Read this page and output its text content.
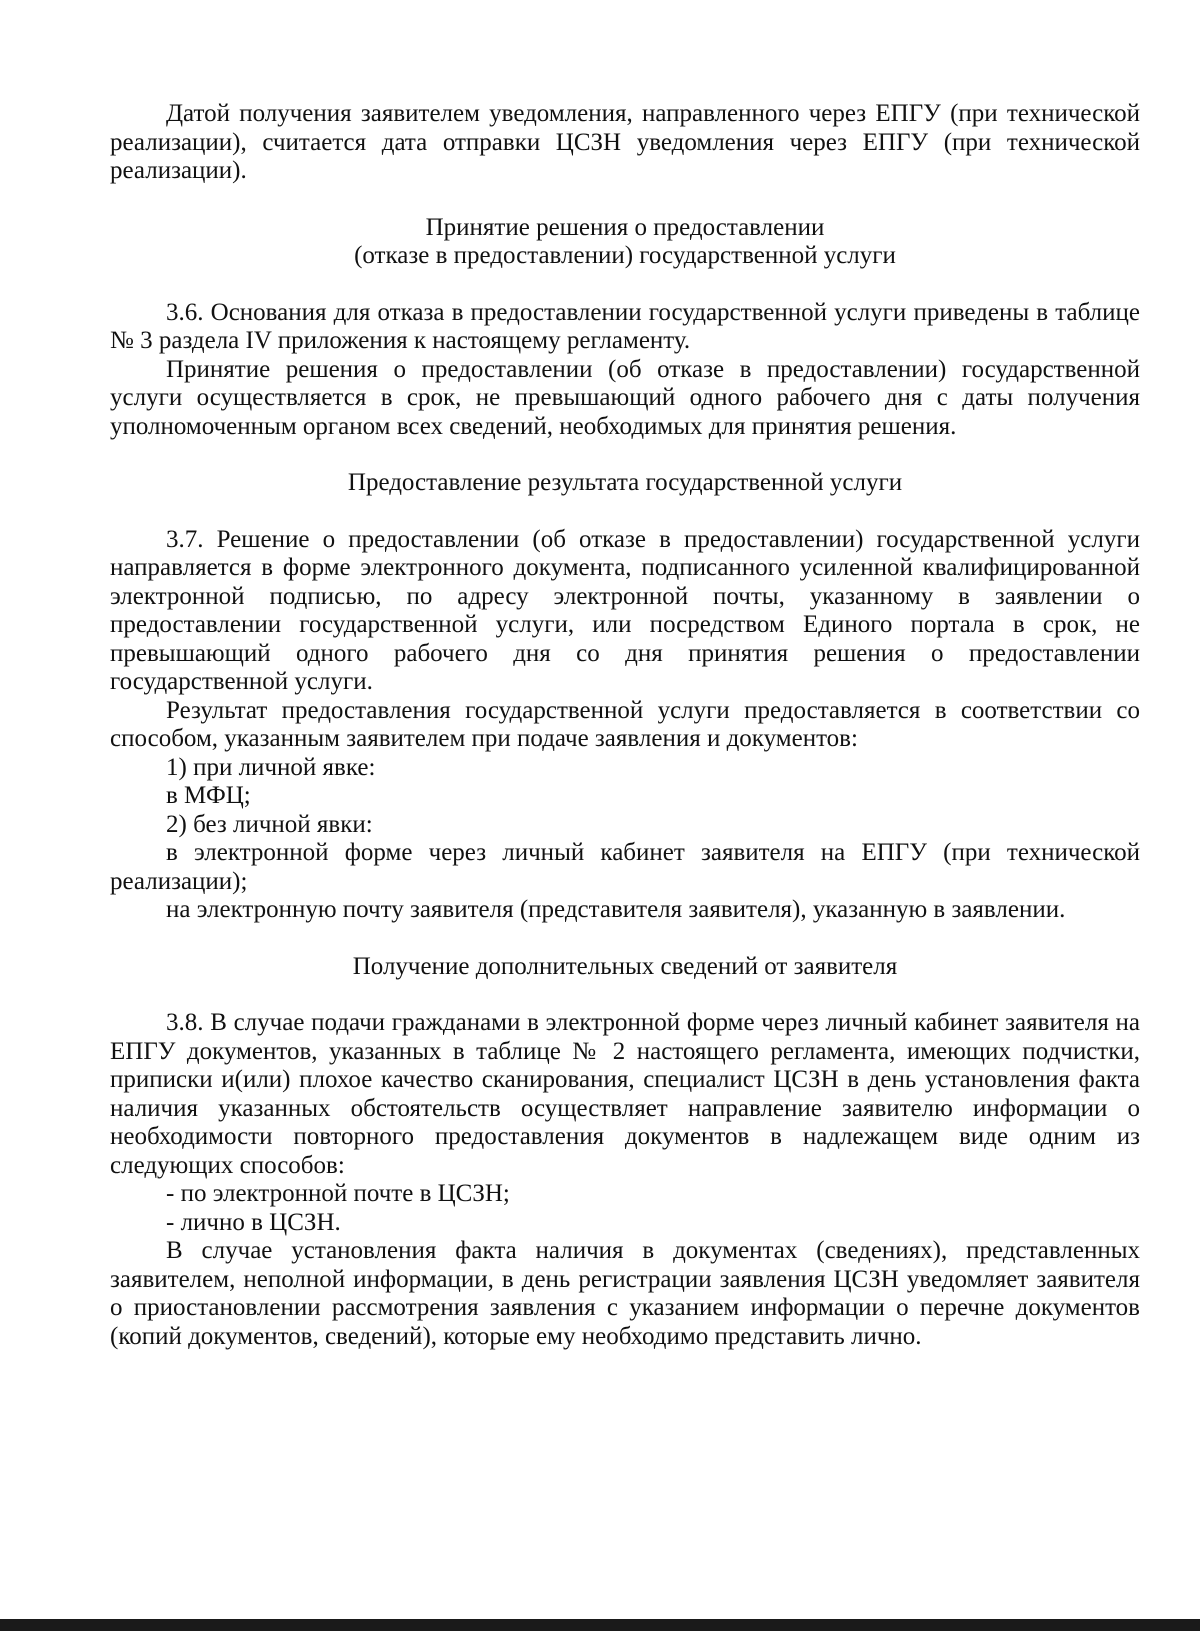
Датой получения заявителем уведомления, направленного через ЕПГУ (при технической реализации), считается дата отправки ЦСЗН уведомления через ЕПГУ (при технической реализации).

Принятие решения о предоставлении

(отказе в предоставлении) государственной услуги

3.6. Основания для отказа в предоставлении государственной услуги приведены в таблице № 3 раздела IV приложения к настоящему регламенту.

Принятие решения о предоставлении (об отказе в предоставлении) государственной услуги осуществляется в срок, не превышающий одного рабочего дня с даты получения уполномоченным органом всех сведений, необходимых для принятия решения.

Предоставление результата государственной услуги

3.7. Решение о предоставлении (об отказе в предоставлении) государственной услуги направляется в форме электронного документа, подписанного усиленной квалифицированной электронной подписью, по адресу электронной почты, указанному в заявлении о предоставлении государственной услуги, или посредством Единого портала в срок, не превышающий одного рабочего дня со дня принятия решения о предоставлении государственной услуги.

Результат предоставления государственной услуги предоставляется в соответствии со способом, указанным заявителем при подаче заявления и документов:

1) при личной явке:

в МФЦ;

2) без личной явки:

в электронной форме через личный кабинет заявителя на ЕПГУ (при технической реализации);

на электронную почту заявителя (представителя заявителя), указанную в заявлении.

Получение дополнительных сведений от заявителя

3.8. В случае подачи гражданами в электронной форме через личный кабинет заявителя на ЕПГУ документов, указанных в таблице № 2 настоящего регламента, имеющих подчистки, приписки и(или) плохое качество сканирования, специалист ЦСЗН в день установления факта наличия указанных обстоятельств осуществляет направление заявителю информации о необходимости повторного предоставления документов в надлежащем виде одним из следующих способов:

- по электронной почте в ЦСЗН;

- лично в ЦСЗН.

В случае установления факта наличия в документах (сведениях), представленных заявителем, неполной информации, в день регистрации заявления ЦСЗН уведомляет заявителя о приостановлении рассмотрения заявления с указанием информации о перечне документов (копий документов, сведений), которые ему необходимо представить лично.
